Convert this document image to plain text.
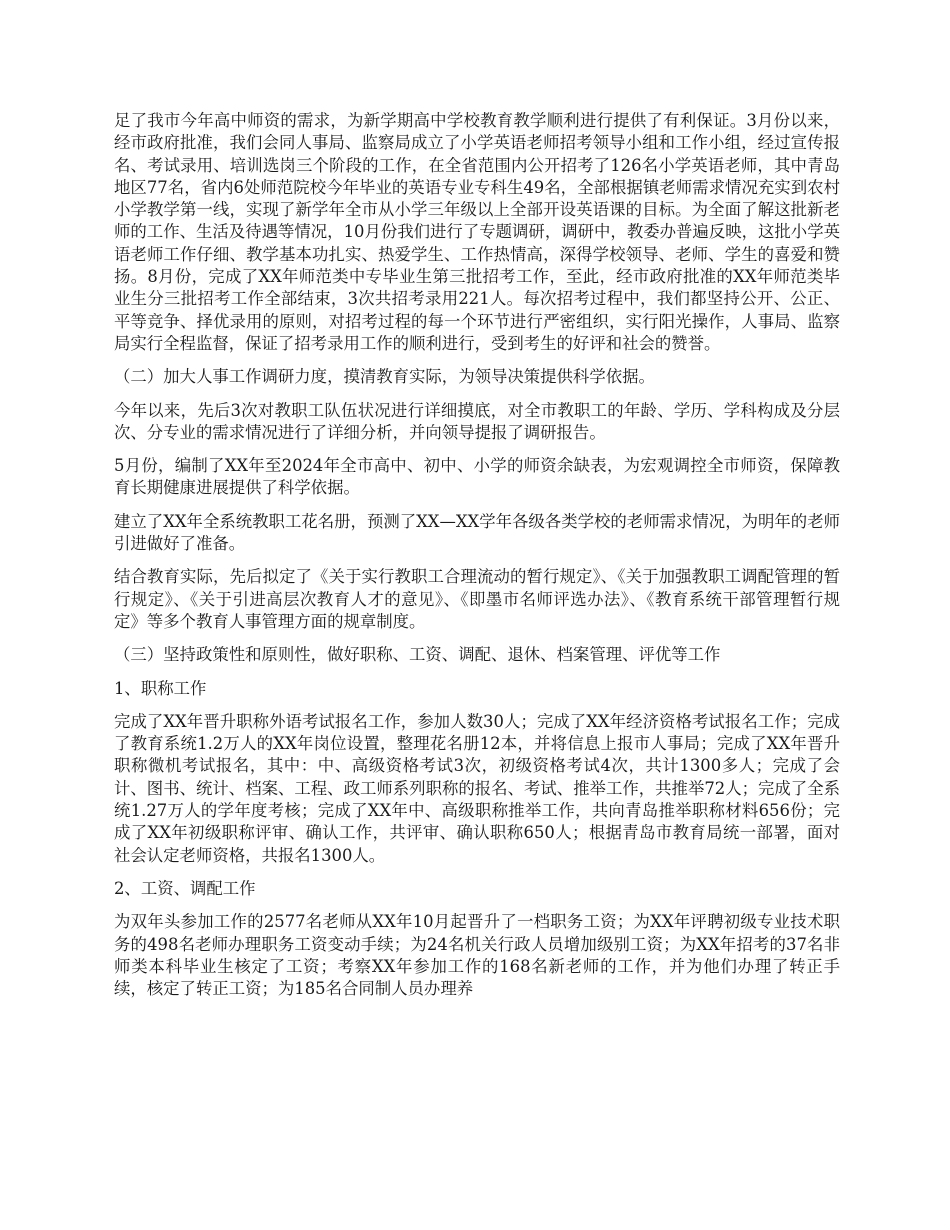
足了我市今年高中师资的需求，为新学期高中学校教育教学顺利进行提供了有利保证。3月份以来，经市政府批准，我们会同人事局、监察局成立了小学英语老师招考领导小组和工作小组，经过宣传报名、考试录用、培训选岗三个阶段的工作，在全省范围内公开招考了126名小学英语老师，其中青岛地区77名，省内6处师范院校今年毕业的英语专业专科生49名，全部根据镇老师需求情况充实到农村小学教学第一线，实现了新学年全市从小学三年级以上全部开设英语课的目标。为全面了解这批新老师的工作、生活及待遇等情况，10月份我们进行了专题调研，调研中，教委办普遍反映，这批小学英语老师工作仔细、教学基本功扎实、热爱学生、工作热情高，深得学校领导、老师、学生的喜爱和赞扬。8月份，完成了XX年师范类中专毕业生第三批招考工作，至此，经市政府批准的XX年师范类毕业生分三批招考工作全部结束，3次共招考录用221人。每次招考过程中，我们都坚持公开、公正、平等竞争、择优录用的原则，对招考过程的每一个环节进行严密组织，实行阳光操作，人事局、监察局实行全程监督，保证了招考录用工作的顺利进行，受到考生的好评和社会的赞誉。

（二）加大人事工作调研力度，摸清教育实际，为领导决策提供科学依据。

今年以来，先后3次对教职工队伍状况进行详细摸底，对全市教职工的年龄、学历、学科构成及分层次、分专业的需求情况进行了详细分析，并向领导提报了调研报告。

5月份，编制了XX年至2024年全市高中、初中、小学的师资余缺表，为宏观调控全市师资，保障教育长期健康进展提供了科学依据。

建立了XX年全系统教职工花名册，预测了XX—XX学年各级各类学校的老师需求情况，为明年的老师引进做好了准备。

结合教育实际，先后拟定了《关于实行教职工合理流动的暂行规定》、《关于加强教职工调配管理的暂行规定》、《关于引进高层次教育人才的意见》、《即墨市名师评选办法》、《教育系统干部管理暂行规定》等多个教育人事管理方面的规章制度。

（三）坚持政策性和原则性，做好职称、工资、调配、退休、档案管理、评优等工作

1、职称工作

完成了XX年晋升职称外语考试报名工作，参加人数30人；完成了XX年经济资格考试报名工作；完成了教育系统1.2万人的XX年岗位设置，整理花名册12本，并将信息上报市人事局；完成了XX年晋升职称微机考试报名，其中：中、高级资格考试3次，初级资格考试4次，共计1300多人；完成了会计、图书、统计、档案、工程、政工师系列职称的报名、考试、推举工作，共推举72人；完成了全系统1.27万人的学年度考核；完成了XX年中、高级职称推举工作，共向青岛推举职称材料656份；完成了XX年初级职称评审、确认工作，共评审、确认职称650人；根据青岛市教育局统一部署，面对社会认定老师资格，共报名1300人。

2、工资、调配工作

为双年头参加工作的2577名老师从XX年10月起晋升了一档职务工资；为XX年评聘初级专业技术职务的498名老师办理职务工资变动手续；为24名机关行政人员增加级别工资；为XX年招考的37名非师类本科毕业生核定了工资；考察XX年参加工作的168名新老师的工作，并为他们办理了转正手续，核定了转正工资；为185名合同制人员办理养
